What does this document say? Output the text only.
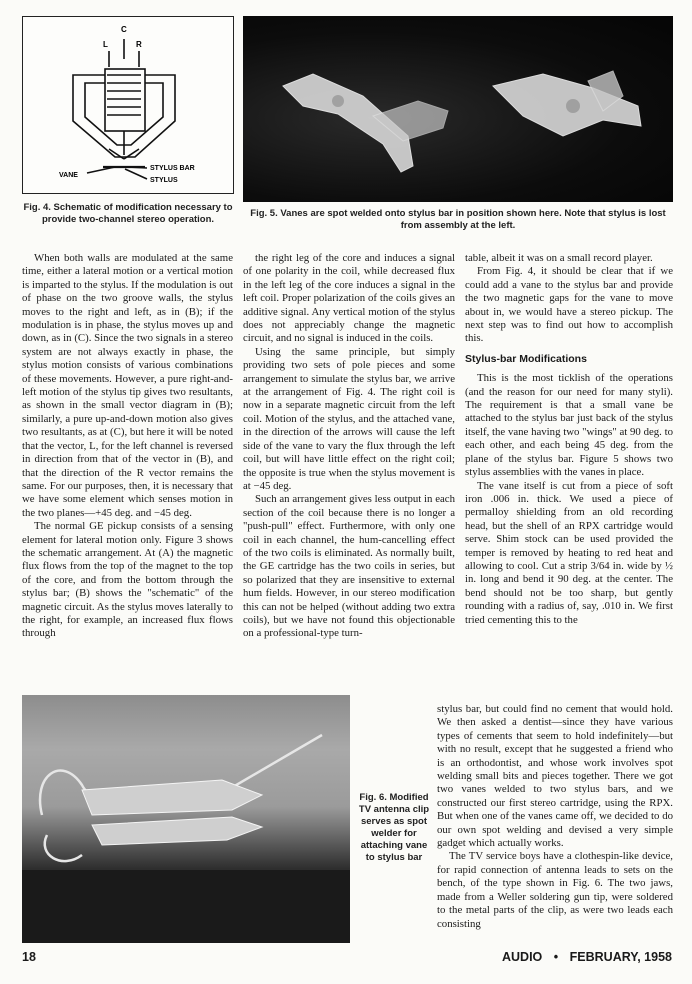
C
L	R
VANE
STYLUS BAR
STYLUS
Fig. 4. Schematic of modification necessary to provide two-channel stereo operation.
Fig. 5. Vanes are spot welded onto stylus bar in position shown here. Note that stylus is lost from assembly at the left.

When both walls are modulated at the same time, either a lateral motion or a vertical motion is imparted to the stylus. If the modulation is out of phase on the two groove walls, the stylus moves to the right and left, as in (B); if the modulation is in phase, the stylus moves up and down, as in (C). Since the two signals in a stereo system are not always exactly in phase, the stylus motion consists of various combinations of these movements. However, a pure right-and-left motion of the stylus tip gives two resultants, as shown in the small vector diagram in (B); similarly, a pure up-and-down motion also gives two resultants, as at (C), but here it will be noted that the vector, L, for the left channel is reversed in direction from that of the vector in (B), and that the direction of the R vector remains the same. For our purposes, then, it is necessary that we have some element which senses motion in the two planes—+45 deg. and −45 deg.

The normal GE pickup consists of a sensing element for lateral motion only. Figure 3 shows the schematic arrangement. At (A) the magnetic flux flows from the top of the magnet to the top of the core, and from the bottom through the stylus bar; (B) shows the "schematic" of the magnetic circuit. As the stylus moves laterally to the right, for example, an increased flux flows through

the right leg of the core and induces a signal of one polarity in the coil, while decreased flux in the left leg of the core induces a signal in the left coil. Proper polarization of the coils gives an additive signal. Any vertical motion of the stylus does not appreciably change the magnetic circuit, and no signal is induced in the coils.

Using the same principle, but simply providing two sets of pole pieces and some arrangement to simulate the stylus bar, we arrive at the arrangement of Fig. 4. The right coil is now in a separate magnetic circuit from the left coil. Motion of the stylus, and the attached vane, in the direction of the arrows will cause the left side of the vane to vary the flux through the left coil, but will have little effect on the right coil; the opposite is true when the stylus movement is at −45 deg.

Such an arrangement gives less output in each section of the coil because there is no longer a "push-pull" effect. Furthermore, with only one coil in each channel, the hum-cancelling effect of the two coils is eliminated. As normally built, the GE cartridge has the two coils in series, but so polarized that they are insensitive to external hum fields. However, in our stereo modification this can not be helped (without adding two extra coils), but we have not found this objectionable on a professional-type turn-

table, albeit it was on a small record player.

From Fig. 4, it should be clear that if we could add a vane to the stylus bar and provide the two magnetic gaps for the vane to move about in, we would have a stereo pickup. The next step was to find out how to accomplish this.

Stylus-bar Modifications

This is the most ticklish of the operations (and the reason for our need for many styli). The requirement is that a small vane be attached to the stylus bar just back of the stylus itself, the vane having two "wings" at 90 deg. to each other, and each being 45 deg. from the plane of the stylus bar. Figure 5 shows two stylus assemblies with the vanes in place.

The vane itself is cut from a piece of soft iron .006 in. thick. We used a piece of permalloy shielding from an old recording head, but the shell of an RPX cartridge would serve. Shim stock can be used provided the temper is removed by heating to red heat and allowing to cool. Cut a strip 3/64 in. wide by ½ in. long and bend it 90 deg. at the center. The bend should not be too sharp, but gently rounding with a radius of, say, .010 in. We first tried cementing this to the

Fig. 6. Modified TV antenna clip serves as spot welder for attaching vane to stylus bar

stylus bar, but could find no cement that would hold. We then asked a dentist—since they have various types of cements that seem to hold indefinitely—but with no result, except that he suggested a friend who is an orthodontist, and whose work involves spot welding small bits and pieces together. There we got two vanes welded to two stylus bars, and we constructed our first stereo cartridge, using the RPX. But when one of the vanes came off, we decided to do our own spot welding and devised a very simple gadget which actually works.

The TV service boys have a clothespin-like device, for rapid connection of antenna leads to sets on the bench, of the type shown in Fig. 6. The two jaws, made from a Weller soldering gun tip, were soldered to the metal parts of the clip, as were two leads each consisting

18	AUDIO • FEBRUARY, 1958
